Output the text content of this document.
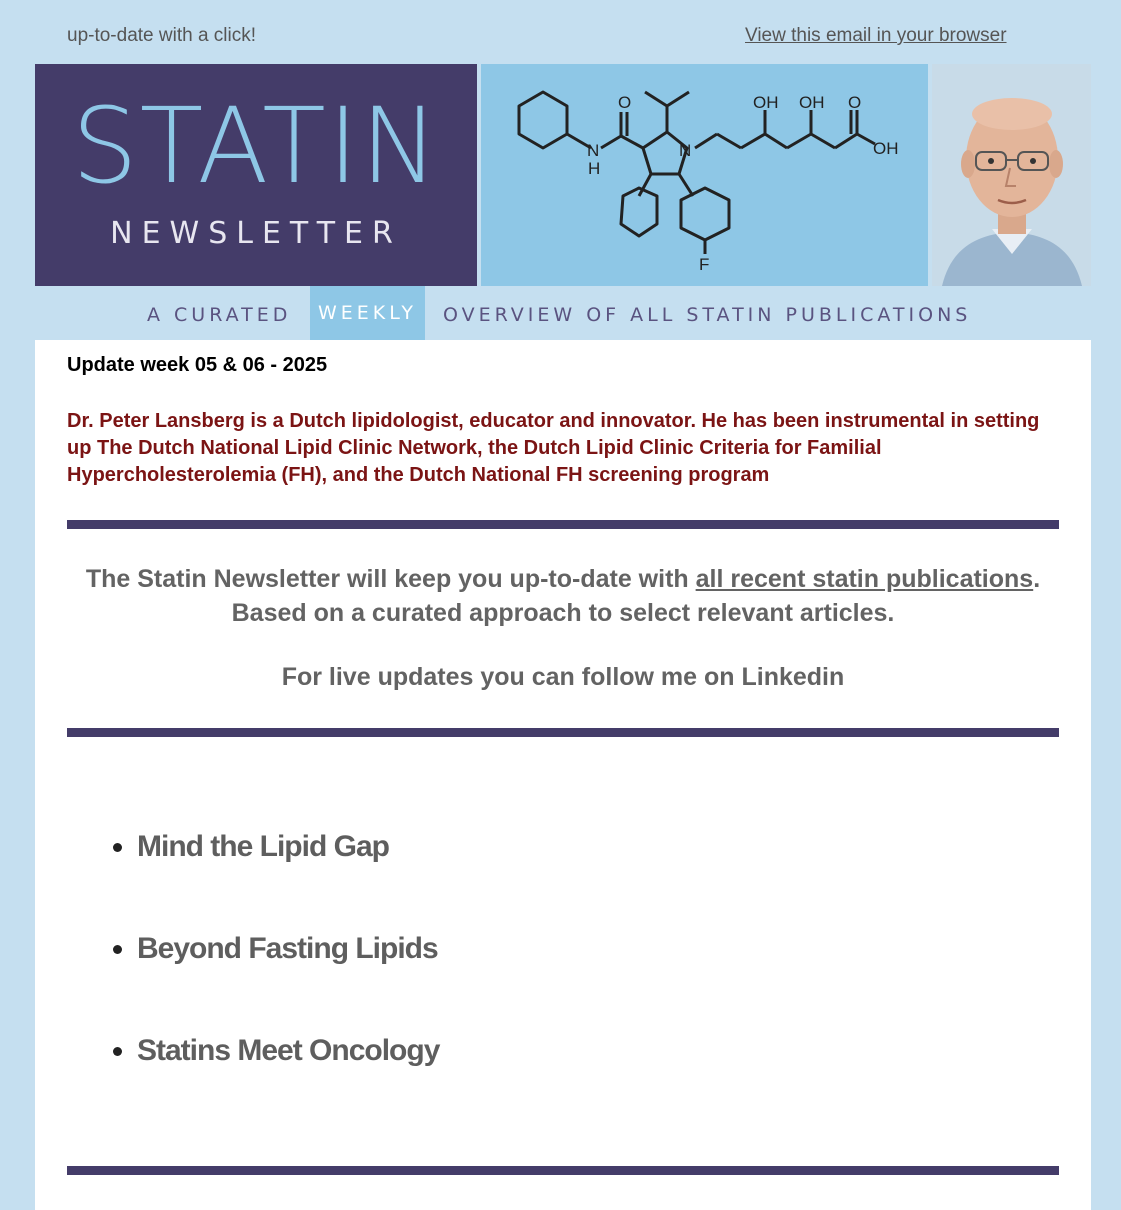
up-to-date with a click!	View this email in your browser
STATIN
NEWSLETTER
O
N
H
N
OH OH O
OH
F
A CURATED	WEEKLY	OVERVIEW OF ALL STATIN PUBLICATIONS
Update week 05 & 06 - 2025
Dr. Peter Lansberg is a Dutch lipidologist, educator and innovator. He has been instrumental in setting up The Dutch National Lipid Clinic Network, the Dutch Lipid Clinic Criteria for Familial Hypercholesterolemia (FH), and the Dutch National FH screening program
The Statin Newsletter will keep you up-to-date with all recent statin publications. Based on a curated approach to select relevant articles.
For live updates you can follow me on Linkedin
Mind the Lipid Gap
Beyond Fasting Lipids
Statins Meet Oncology
